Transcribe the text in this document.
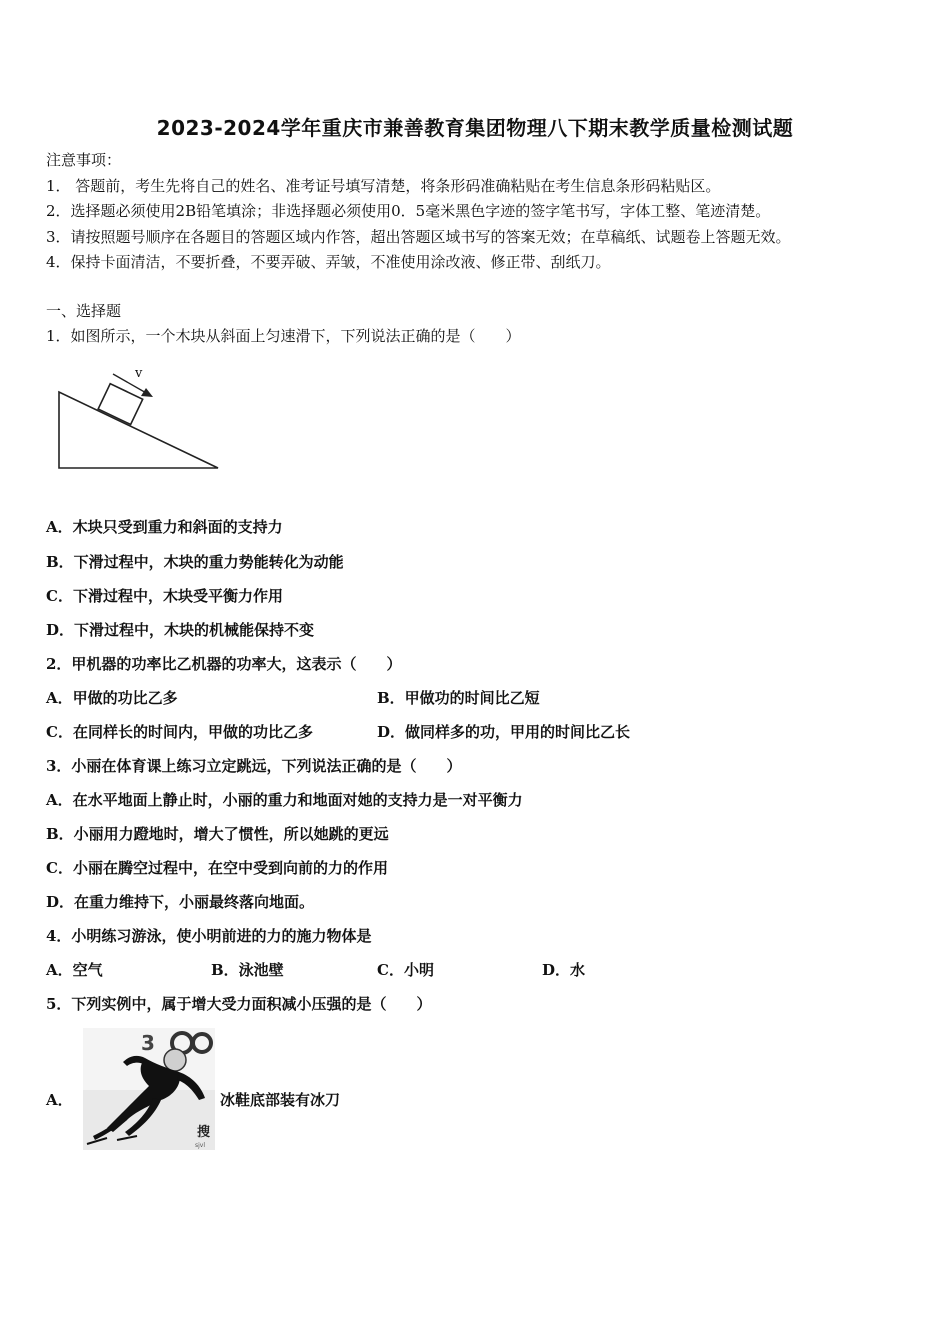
2023-2024学年重庆市兼善教育集团物理八下期末教学质量检测试题
注意事项：
1． 答题前，考生先将自己的姓名、准考证号填写清楚，将条形码准确粘贴在考生信息条形码粘贴区。
2．选择题必须使用2B铅笔填涂；非选择题必须使用0．5毫米黑色字迹的签字笔书写，字体工整、笔迹清楚。
3．请按照题号顺序在各题目的答题区域内作答，超出答题区域书写的答案无效；在草稿纸、试题卷上答题无效。
4．保持卡面清洁，不要折叠，不要弄破、弄皱，不准使用涂改液、修正带、刮纸刀。
一、选择题
1．如图所示，一个木块从斜面上匀速滑下，下列说法正确的是（　　）
v
A．木块只受到重力和斜面的支持力
B．下滑过程中，木块的重力势能转化为动能
C．下滑过程中，木块受平衡力作用
D．下滑过程中，木块的机械能保持不变
2．甲机器的功率比乙机器的功率大，这表示（　　）
A．甲做的功比乙多	B．甲做功的时间比乙短
C．在同样长的时间内，甲做的功比乙多	D．做同样多的功，甲用的时间比乙长
3．小丽在体育课上练习立定跳远，下列说法正确的是（　　）
A．在水平地面上静止时，小丽的重力和地面对她的支持力是一对平衡力
B．小丽用力蹬地时，增大了惯性，所以她跳的更远
C．小丽在腾空过程中，在空中受到向前的力的作用
D．在重力维持下，小丽最终落向地面。
4．小明练习游泳，使小明前进的力的施力物体是
A．空气	B．泳池壁	C．小明	D．水
5．下列实例中，属于增大受力面积减小压强的是（　　）
A．
3
搜
sjvl
冰鞋底部装有冰刀
